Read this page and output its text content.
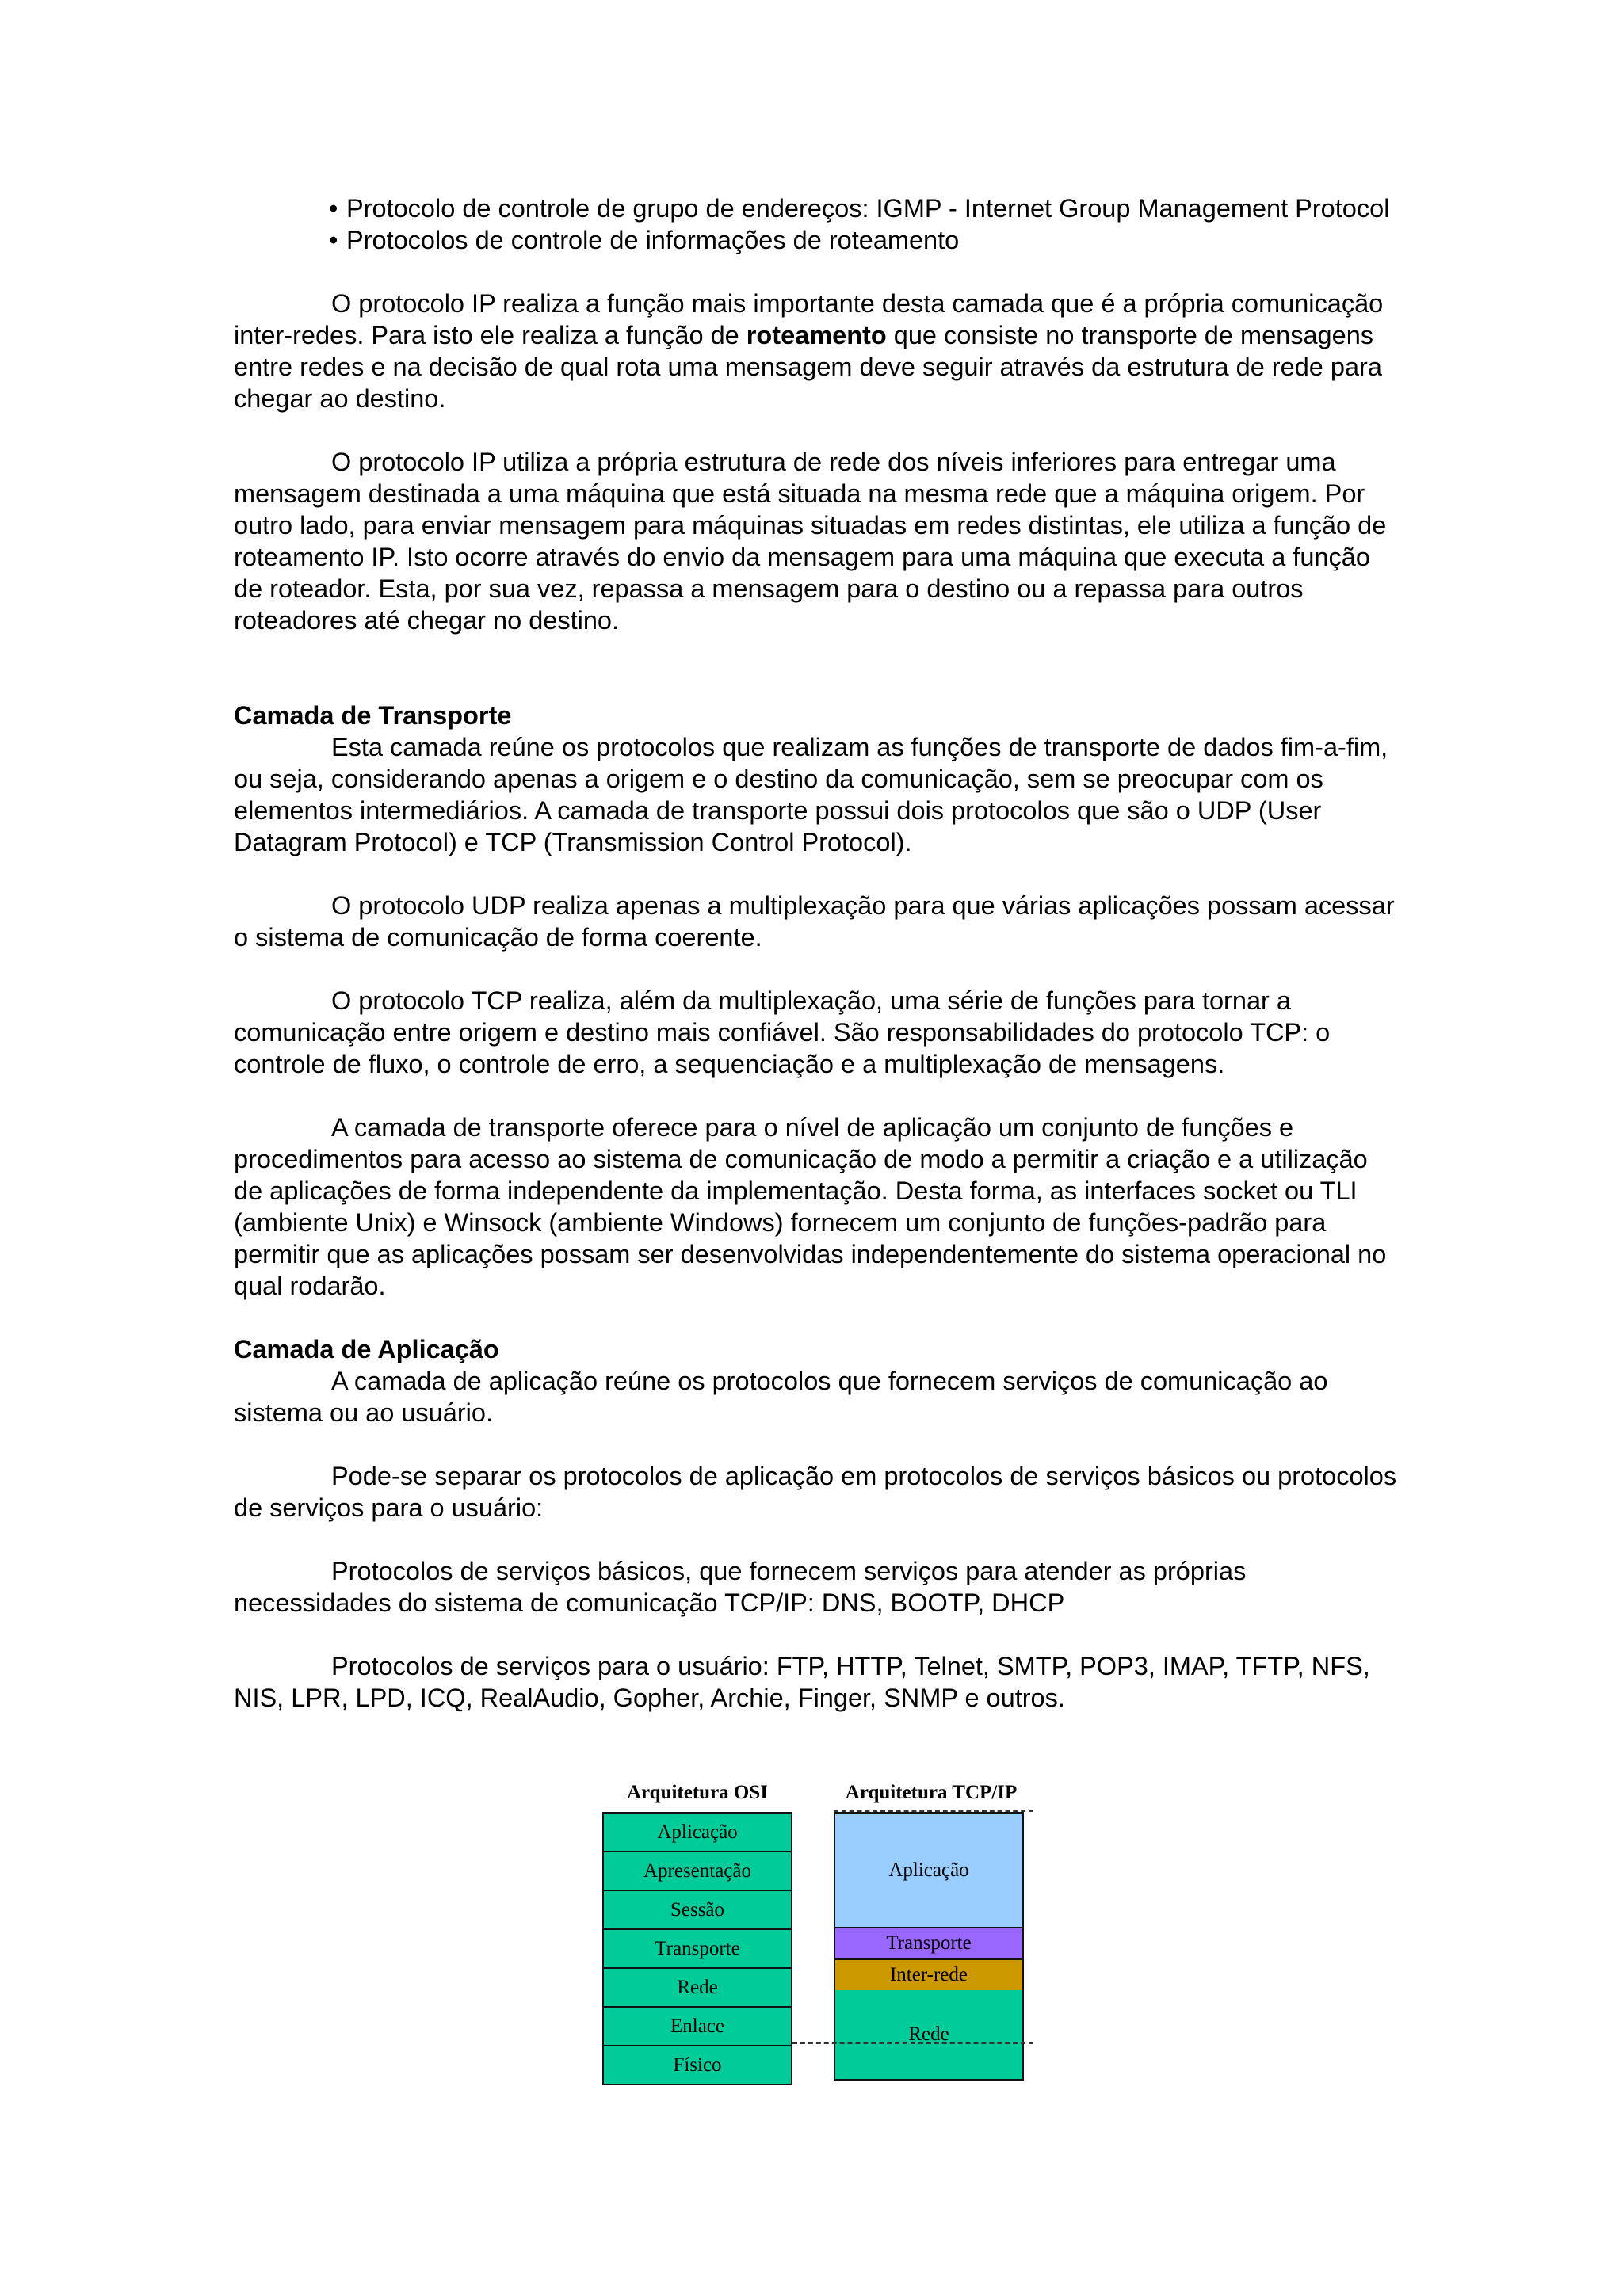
• Protocolo de controle de grupo de endereços: IGMP - Internet Group Management Protocol
• Protocolos de controle de informações de roteamento

O protocolo IP realiza a função mais importante desta camada que é a própria comunicação inter-redes. Para isto ele realiza a função de roteamento que consiste no transporte de mensagens entre redes e na decisão de qual rota uma mensagem deve seguir através da estrutura de rede para chegar ao destino.

O protocolo IP utiliza a própria estrutura de rede dos níveis inferiores para entregar uma mensagem destinada a uma máquina que está situada na mesma rede que a máquina origem. Por outro lado, para enviar mensagem para máquinas situadas em redes distintas, ele utiliza a função de roteamento IP. Isto ocorre através do envio da mensagem para uma máquina que executa a função de roteador. Esta, por sua vez, repassa a mensagem para o destino ou a repassa para outros roteadores até chegar no destino.

Camada de Transporte

Esta camada reúne os protocolos que realizam as funções de transporte de dados fim-a-fim, ou seja, considerando apenas a origem e o destino da comunicação, sem se preocupar com os elementos intermediários. A camada de transporte possui dois protocolos que são o UDP (User Datagram Protocol) e TCP (Transmission Control Protocol).

O protocolo UDP realiza apenas a multiplexação para que várias aplicações possam acessar o sistema de comunicação de forma coerente.

O protocolo TCP realiza, além da multiplexação, uma série de funções para tornar a comunicação entre origem e destino mais confiável. São responsabilidades do protocolo TCP: o controle de fluxo, o controle de erro, a sequenciação e a multiplexação de mensagens.

A camada de transporte oferece para o nível de aplicação um conjunto de funções e procedimentos para acesso ao sistema de comunicação de modo a permitir a criação e a utilização de aplicações de forma independente da implementação. Desta forma, as interfaces socket ou TLI (ambiente Unix) e Winsock (ambiente Windows) fornecem um conjunto de funções-padrão para permitir que as aplicações possam ser desenvolvidas independentemente do sistema operacional no qual rodarão.

Camada de Aplicação

A camada de aplicação reúne os protocolos que fornecem serviços de comunicação ao sistema ou ao usuário.

Pode-se separar os protocolos de aplicação em protocolos de serviços básicos ou protocolos de serviços para o usuário:

Protocolos de serviços básicos, que fornecem serviços para atender as próprias necessidades do sistema de comunicação TCP/IP: DNS, BOOTP, DHCP

Protocolos de serviços para o usuário: FTP, HTTP, Telnet, SMTP, POP3, IMAP, TFTP, NFS, NIS, LPR, LPD, ICQ, RealAudio, Gopher, Archie, Finger, SNMP e outros.

Arquitetura OSI	Arquitetura TCP/IP
Aplicação
Apresentação
Sessão
Transporte
Rede
Enlace
Físico
Aplicação
Transporte
Inter-rede
Rede
